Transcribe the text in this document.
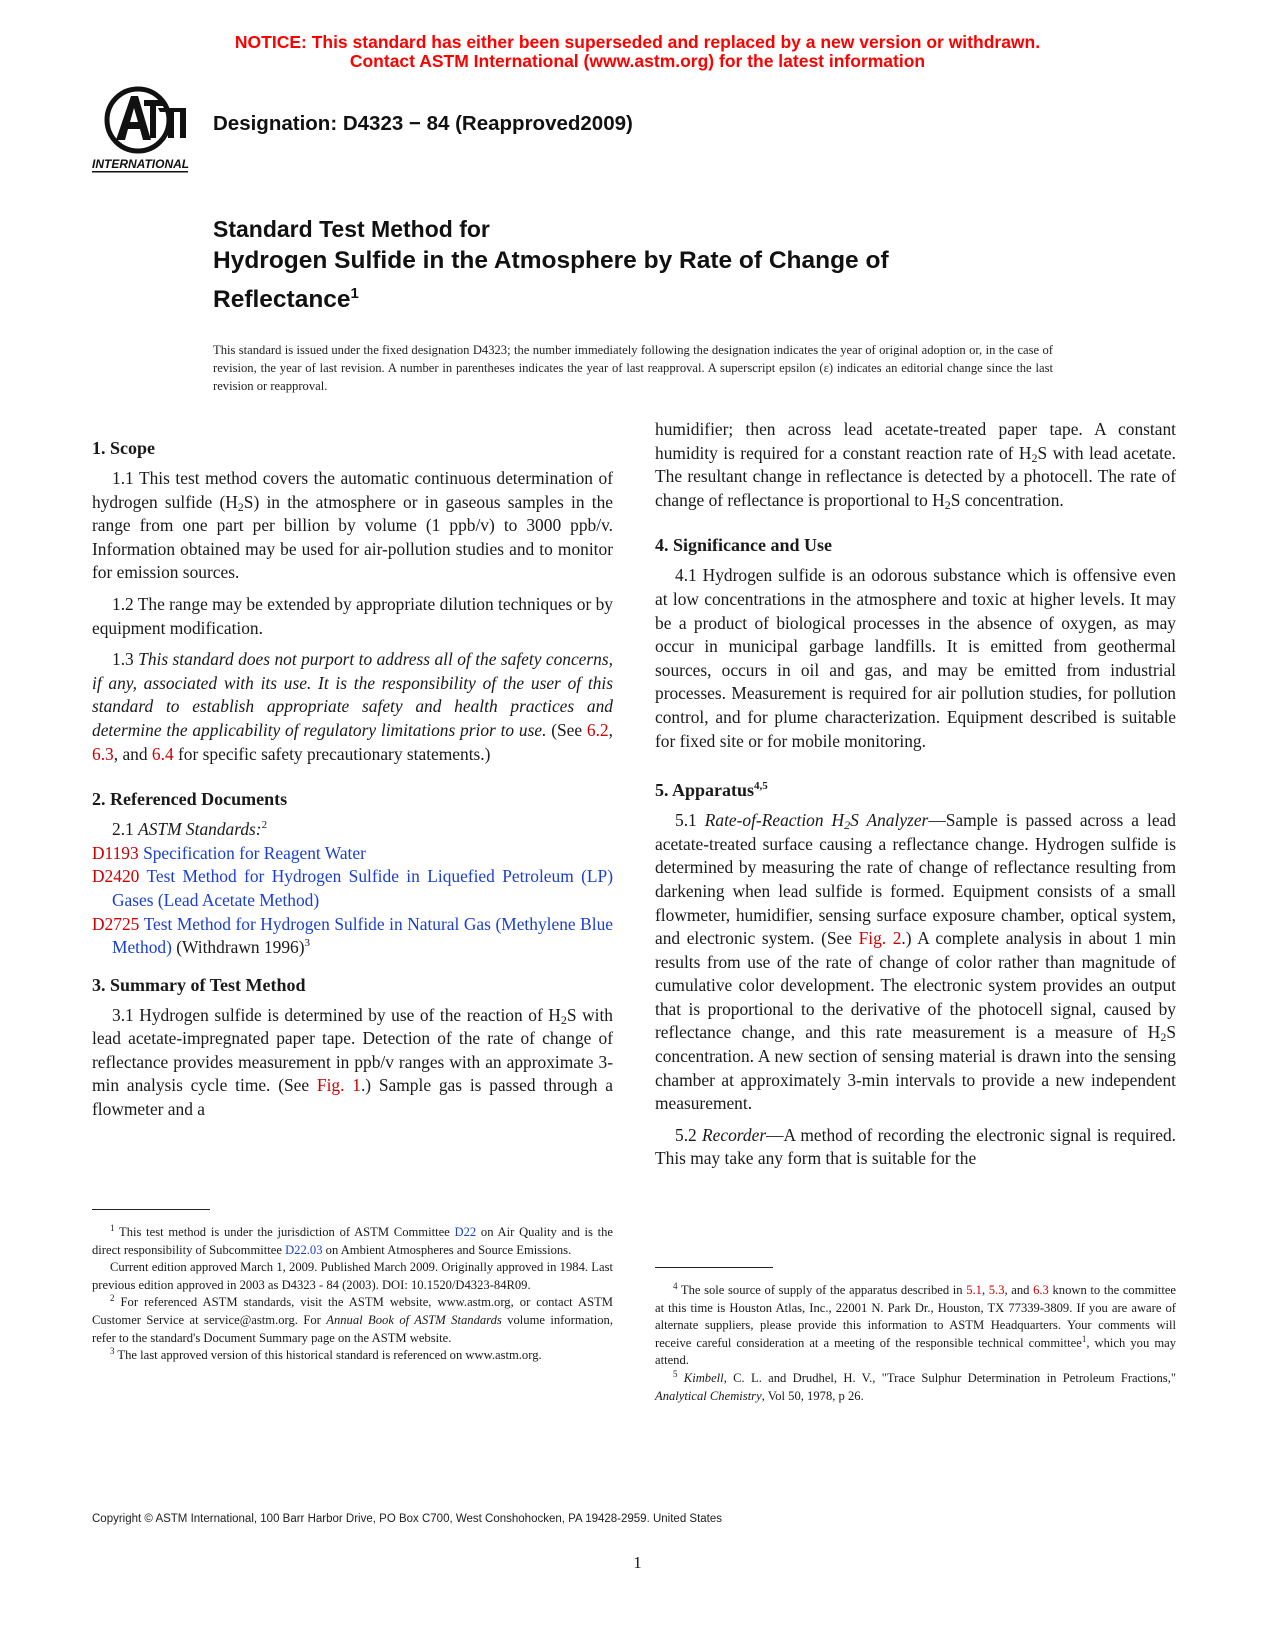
NOTICE: This standard has either been superseded and replaced by a new version or withdrawn.
Contact ASTM International (www.astm.org) for the latest information
INTERNATIONAL
Designation: D4323 − 84 (Reapproved2009)
Standard Test Method for
Hydrogen Sulfide in the Atmosphere by Rate of Change of
Reflectance$^1$
This standard is issued under the fixed designation D4323; the number immediately following the designation indicates the year of original adoption or, in the case of revision, the year of last revision. A number in parentheses indicates the year of last reapproval. A superscript epsilon (ε) indicates an editorial change since the last revision or reapproval.
1. Scope

1.1 This test method covers the automatic continuous determination of hydrogen sulfide $(H_2S)$ in the atmosphere or in gaseous samples in the range from one part per billion by volume (1 ppb/v) to 3000 ppb/v. Information obtained may be used for air-pollution studies and to monitor for emission sources.

1.2 The range may be extended by appropriate dilution techniques or by equipment modification.

1.3 This standard does not purport to address all of the safety concerns, if any, associated with its use. It is the responsibility of the user of this standard to establish appropriate safety and health practices and determine the applicability of regulatory limitations prior to use. (See 6.2, 6.3, and 6.4 for specific safety precautionary statements.)

2. Referenced Documents

2.1 ASTM Standards:$^2$

D1193 Specification for Reagent Water
D2420 Test Method for Hydrogen Sulfide in Liquefied Petroleum (LP) Gases (Lead Acetate Method)
D2725 Test Method for Hydrogen Sulfide in Natural Gas (Methylene Blue Method) (Withdrawn 1996)$^3$
3. Summary of Test Method

3.1 Hydrogen sulfide is determined by use of the reaction of $H_2S$ with lead acetate-impregnated paper tape. Detection of the rate of change of reflectance provides measurement in ppb/v ranges with an approximate 3-min analysis cycle time. (See Fig. 1.) Sample gas is passed through a flowmeter and a

$^1$ This test method is under the jurisdiction of ASTM Committee D22 on Air Quality and is the direct responsibility of Subcommittee D22.03 on Ambient Atmospheres and Source Emissions.

Current edition approved March 1, 2009. Published March 2009. Originally approved in 1984. Last previous edition approved in 2003 as D4323 - 84 (2003). DOI: 10.1520/D4323-84R09.

$^2$ For referenced ASTM standards, visit the ASTM website, www.astm.org, or contact ASTM Customer Service at service@astm.org. For Annual Book of ASTM Standards volume information, refer to the standard's Document Summary page on the ASTM website.

$^3$ The last approved version of this historical standard is referenced on www.astm.org.

humidifier; then across lead acetate-treated paper tape. A constant humidity is required for a constant reaction rate of $H_2S$ with lead acetate. The resultant change in reflectance is detected by a photocell. The rate of change of reflectance is proportional to $H_2S$ concentration.

4. Significance and Use

4.1 Hydrogen sulfide is an odorous substance which is offensive even at low concentrations in the atmosphere and toxic at higher levels. It may be a product of biological processes in the absence of oxygen, as may occur in municipal garbage landfills. It is emitted from geothermal sources, occurs in oil and gas, and may be emitted from industrial processes. Measurement is required for air pollution studies, for pollution control, and for plume characterization. Equipment described is suitable for fixed site or for mobile monitoring.

5. Apparatus$^{4,5}$

5.1 Rate-of-Reaction $H_2S$ Analyzer—Sample is passed across a lead acetate-treated surface causing a reflectance change. Hydrogen sulfide is determined by measuring the rate of change of reflectance resulting from darkening when lead sulfide is formed. Equipment consists of a small flowmeter, humidifier, sensing surface exposure chamber, optical system, and electronic system. (See Fig. 2.) A complete analysis in about 1 min results from use of the rate of change of color rather than magnitude of cumulative color development. The electronic system provides an output that is proportional to the derivative of the photocell signal, caused by reflectance change, and this rate measurement is a measure of $H_2S$ concentration. A new section of sensing material is drawn into the sensing chamber at approximately 3-min intervals to provide a new independent measurement.

5.2 Recorder—A method of recording the electronic signal is required. This may take any form that is suitable for the

$^4$ The sole source of supply of the apparatus described in 5.1, 5.3, and 6.3 known to the committee at this time is Houston Atlas, Inc., 22001 N. Park Dr., Houston, TX 77339-3809. If you are aware of alternate suppliers, please provide this information to ASTM Headquarters. Your comments will receive careful consideration at a meeting of the responsible technical committee$^1$, which you may attend.

$^5$ Kimbell, C. L. and Drudhel, H. V., "Trace Sulphur Determination in Petroleum Fractions," Analytical Chemistry, Vol 50, 1978, p 26.

Copyright © ASTM International, 100 Barr Harbor Drive, PO Box C700, West Conshohocken, PA 19428-2959. United States
1
